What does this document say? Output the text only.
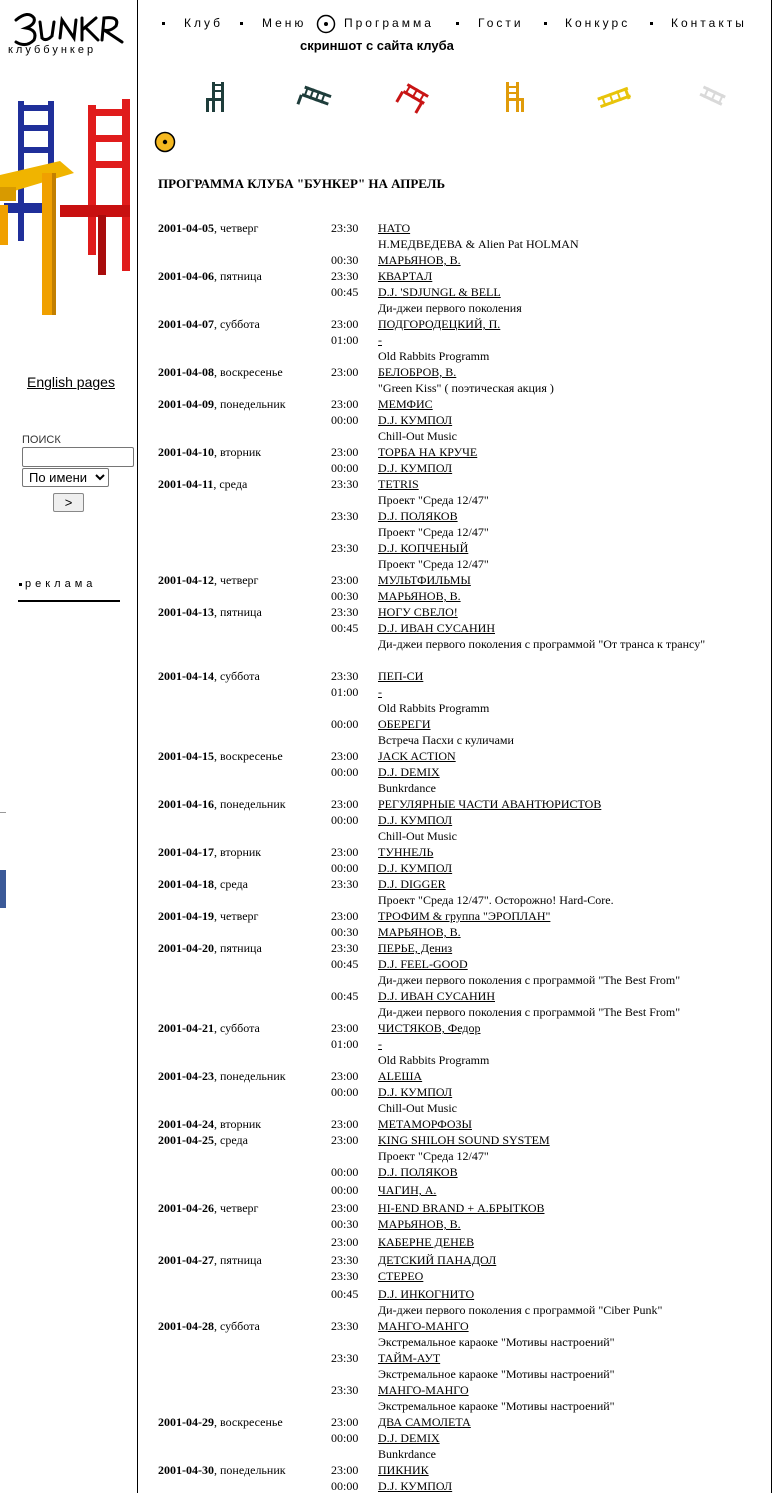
клуббункер
English pages
ПОИСК
По имени
>
реклама
Клуб	Меню	Программа	Гости	Конкурс	Контакты
скриншот с сайта клуба
ПРОГРАММА КЛУБА "БУНКЕР" НА АПРЕЛЬ
2001-04-05, четверг	23:30 НАТО
Н.МЕДВЕДЕВА & Alien Pat HOLMAN
00:30 МАРЬЯНОВ, В.
2001-04-06, пятница	23:30 КВАРТАЛ
00:45 D.J. 'SDJUNGL & BELL
Ди-джеи первого поколения
2001-04-07, суббота	23:00 ПОДГОРОДЕЦКИЙ, П.
01:00 -
Old Rabbits Programm
2001-04-08, воскресенье	23:00 БЕЛОБРОВ, В.
"Green Kiss" ( поэтическая акция )
2001-04-09, понедельник	23:00 МЕМФИС
00:00 D.J. КУМПОЛ
Chill-Out Music
2001-04-10, вторник	23:00 ТОРБА НА КРУЧЕ
00:00 D.J. КУМПОЛ
2001-04-11, среда	23:30 TETRIS
Проект "Среда 12/47"
23:30 D.J. ПОЛЯКОВ
Проект "Среда 12/47"
23:30 D.J. КОПЧЕНЫЙ
Проект "Среда 12/47"
2001-04-12, четверг	23:00 МУЛЬТФИЛЬМЫ
00:30 МАРЬЯНОВ, В.
2001-04-13, пятница	23:30 НОГУ СВЕЛО!
00:45 D.J. ИВАН СУСАНИН
Ди-джеи первого поколения с программой "От транса к трансу"
2001-04-14, суббота	23:30 ПЕП-СИ
01:00 -
Old Rabbits Programm
00:00 ОБЕРЕГИ
Встреча Пасхи с куличами
2001-04-15, воскресенье	23:00 JACK ACTION
00:00 D.J. DEMIX
Bunkrdance
2001-04-16, понедельник	23:00 РЕГУЛЯРНЫЕ ЧАСТИ АВАНТЮРИСТОВ
00:00 D.J. КУМПОЛ
Chill-Out Music
2001-04-17, вторник	23:00 ТУННЕЛЬ
00:00 D.J. КУМПОЛ
2001-04-18, среда	23:30 D.J. DIGGER
Проект "Среда 12/47". Осторожно! Hard-Core.
2001-04-19, четверг	23:00 ТРОФИМ & группа "ЭРОПЛАН"
00:30 МАРЬЯНОВ, В.
2001-04-20, пятница	23:30 ПЕРЬЕ, Дениз
00:45 D.J. FEEL-GOOD
Ди-джеи первого поколения с программой "The Best From"
00:45 D.J. ИВАН СУСАНИН
Ди-джеи первого поколения с программой "The Best From"
2001-04-21, суббота	23:00 ЧИСТЯКОВ, Федор
01:00 -
Old Rabbits Programm
2001-04-23, понедельник	23:00 ALEША
00:00 D.J. КУМПОЛ
Chill-Out Music
2001-04-24, вторник	23:00 МЕТАМОРФОЗЫ
2001-04-25, среда	23:00 KING SHILOH SOUND SYSTEM
Проект "Среда 12/47"
00:00 D.J. ПОЛЯКОВ
00:00 ЧАГИН, А.
2001-04-26, четверг	23:00 HI-END BRAND + А.БРЫТКОВ
00:30 МАРЬЯНОВ, В.
23:00 КАБЕРНЕ ДЕНЕВ
2001-04-27, пятница	23:30 ДЕТСКИЙ ПАНАДОЛ
23:30 СТЕРЕО
00:45 D.J. ИНКОГНИТО
Ди-джеи первого поколения с программой "Ciber Punk"
2001-04-28, суббота	23:30 МАНГО-МАНГО
Экстремальное караоке "Мотивы настроений"
23:30 ТАЙМ-АУТ
Экстремальное караоке "Мотивы настроений"
23:30 МАНГО-МАНГО
Экстремальное караоке "Мотивы настроений"
2001-04-29, воскресенье	23:00 ДВА САМОЛЕТА
00:00 D.J. DEMIX
Bunkrdance
2001-04-30, понедельник	23:00 ПИКНИК
00:00 D.J. КУМПОЛ
